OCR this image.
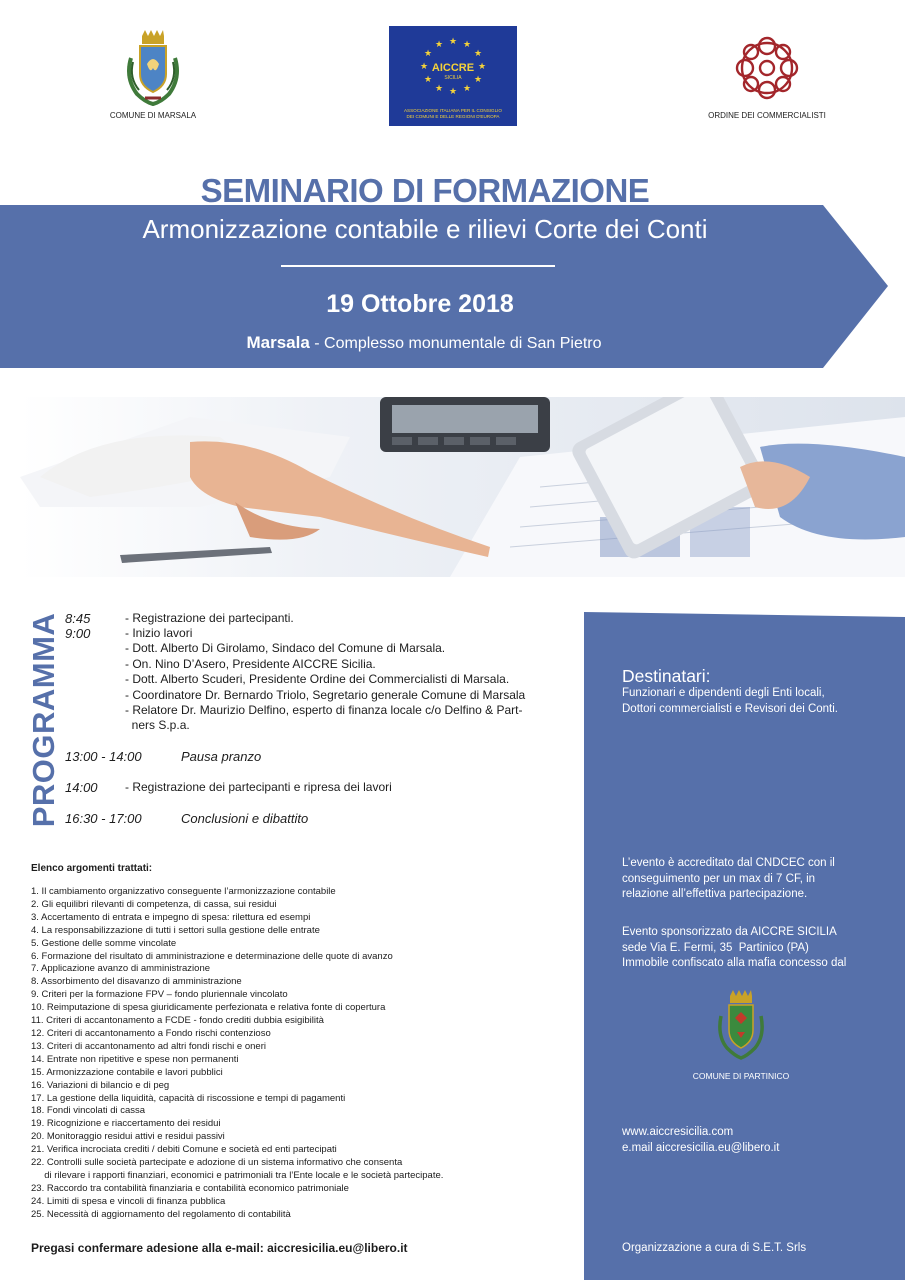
COMUNE DI MARSALA
★ ★
★
★
★
★
★
★
★
★
★
★
AICCRE
SICILIA
ASSOCIAZIONE ITALIANA PER IL CONSIGLIO
DEI COMUNI E DELLE REGIONI D'EUROPA	ORDINE DEI COMMERCIALISTI
SEMINARIO DI FORMAZIONE
Armonizzazione contabile e rilievi Corte dei Conti
19 Ottobre 2018
Marsala - Complesso monumentale di San Pietro
PROGRAMMA 8:45	- Registrazione dei partecipanti.
9:00	- Inizio lavori
- Dott. Alberto Di Girolamo, Sindaco del Comune di Marsala.
- On. Nino D’Asero, Presidente AICCRE Sicilia.
- Dott. Alberto Scuderi, Presidente Ordine dei Commercialisti di Marsala.
- Coordinatore Dr. Bernardo Triolo, Segretario generale Comune di Marsala
- Relatore Dr. Maurizio Delfino, esperto di finanza locale c/o Delfino & Part-
ners S.p.a.
13:00 - 14:00	Pausa pranzo
14:00 - Registrazione dei partecipanti e ripresa dei lavori
16:30 - 17:00	Conclusioni e dibattito
Elenco argomenti trattati:
1. Il cambiamento organizzativo conseguente l’armonizzazione contabile
2. Gli equilibri rilevanti di competenza, di cassa, sui residui
3. Accertamento di entrata e impegno di spesa: rilettura ed esempi
4. La responsabilizzazione di tutti i settori sulla gestione delle entrate
5. Gestione delle somme vincolate
6. Formazione del risultato di amministrazione e determinazione delle quote di avanzo
7. Applicazione avanzo di amministrazione
8. Assorbimento del disavanzo di amministrazione
9. Criteri per la formazione FPV – fondo pluriennale vincolato
10. Reimputazione di spesa giuridicamente perfezionata e relativa fonte di copertura
11. Criteri di accantonamento a FCDE - fondo crediti dubbia esigibilità
12. Criteri di accantonamento a Fondo rischi contenzioso
13. Criteri di accantonamento ad altri fondi rischi e oneri
14. Entrate non ripetitive e spese non permanenti
15. Armonizzazione contabile e lavori pubblici
16. Variazioni di bilancio e di peg
17. La gestione della liquidità, capacità di riscossione e tempi di pagamenti
18. Fondi vincolati di cassa
19. Ricognizione e riaccertamento dei residui
20. Monitoraggio residui attivi e residui passivi
21. Verifica incrociata crediti / debiti Comune e società ed enti partecipati
22. Controlli sulle società partecipate e adozione di un sistema informativo che consenta
di rilevare i rapporti finanziari, economici e patrimoniali tra l’Ente locale e le società partecipate.
23. Raccordo tra contabilità finanziaria e contabilità economico patrimoniale
24. Limiti di spesa e vincoli di finanza pubblica
25. Necessità di aggiornamento del regolamento di contabilità
Pregasi confermare adesione alla e-mail: aiccresicilia.eu@libero.it
Destinatari:
Funzionari e dipendenti degli Enti locali,
Dottori commercialisti e Revisori dei Conti.
L’evento è accreditato dal CNDCEC con il
conseguimento per un max di 7 CF, in
relazione all’effettiva partecipazione.
Evento sponsorizzato da AICCRE SICILIA
sede Via E. Fermi, 35  Partinico (PA)
Immobile confiscato alla mafia concesso dal
COMUNE DI PARTINICO
www.aiccresicilia.com
e.mail aiccresicilia.eu@libero.it
Organizzazione a cura di S.E.T. Srls
